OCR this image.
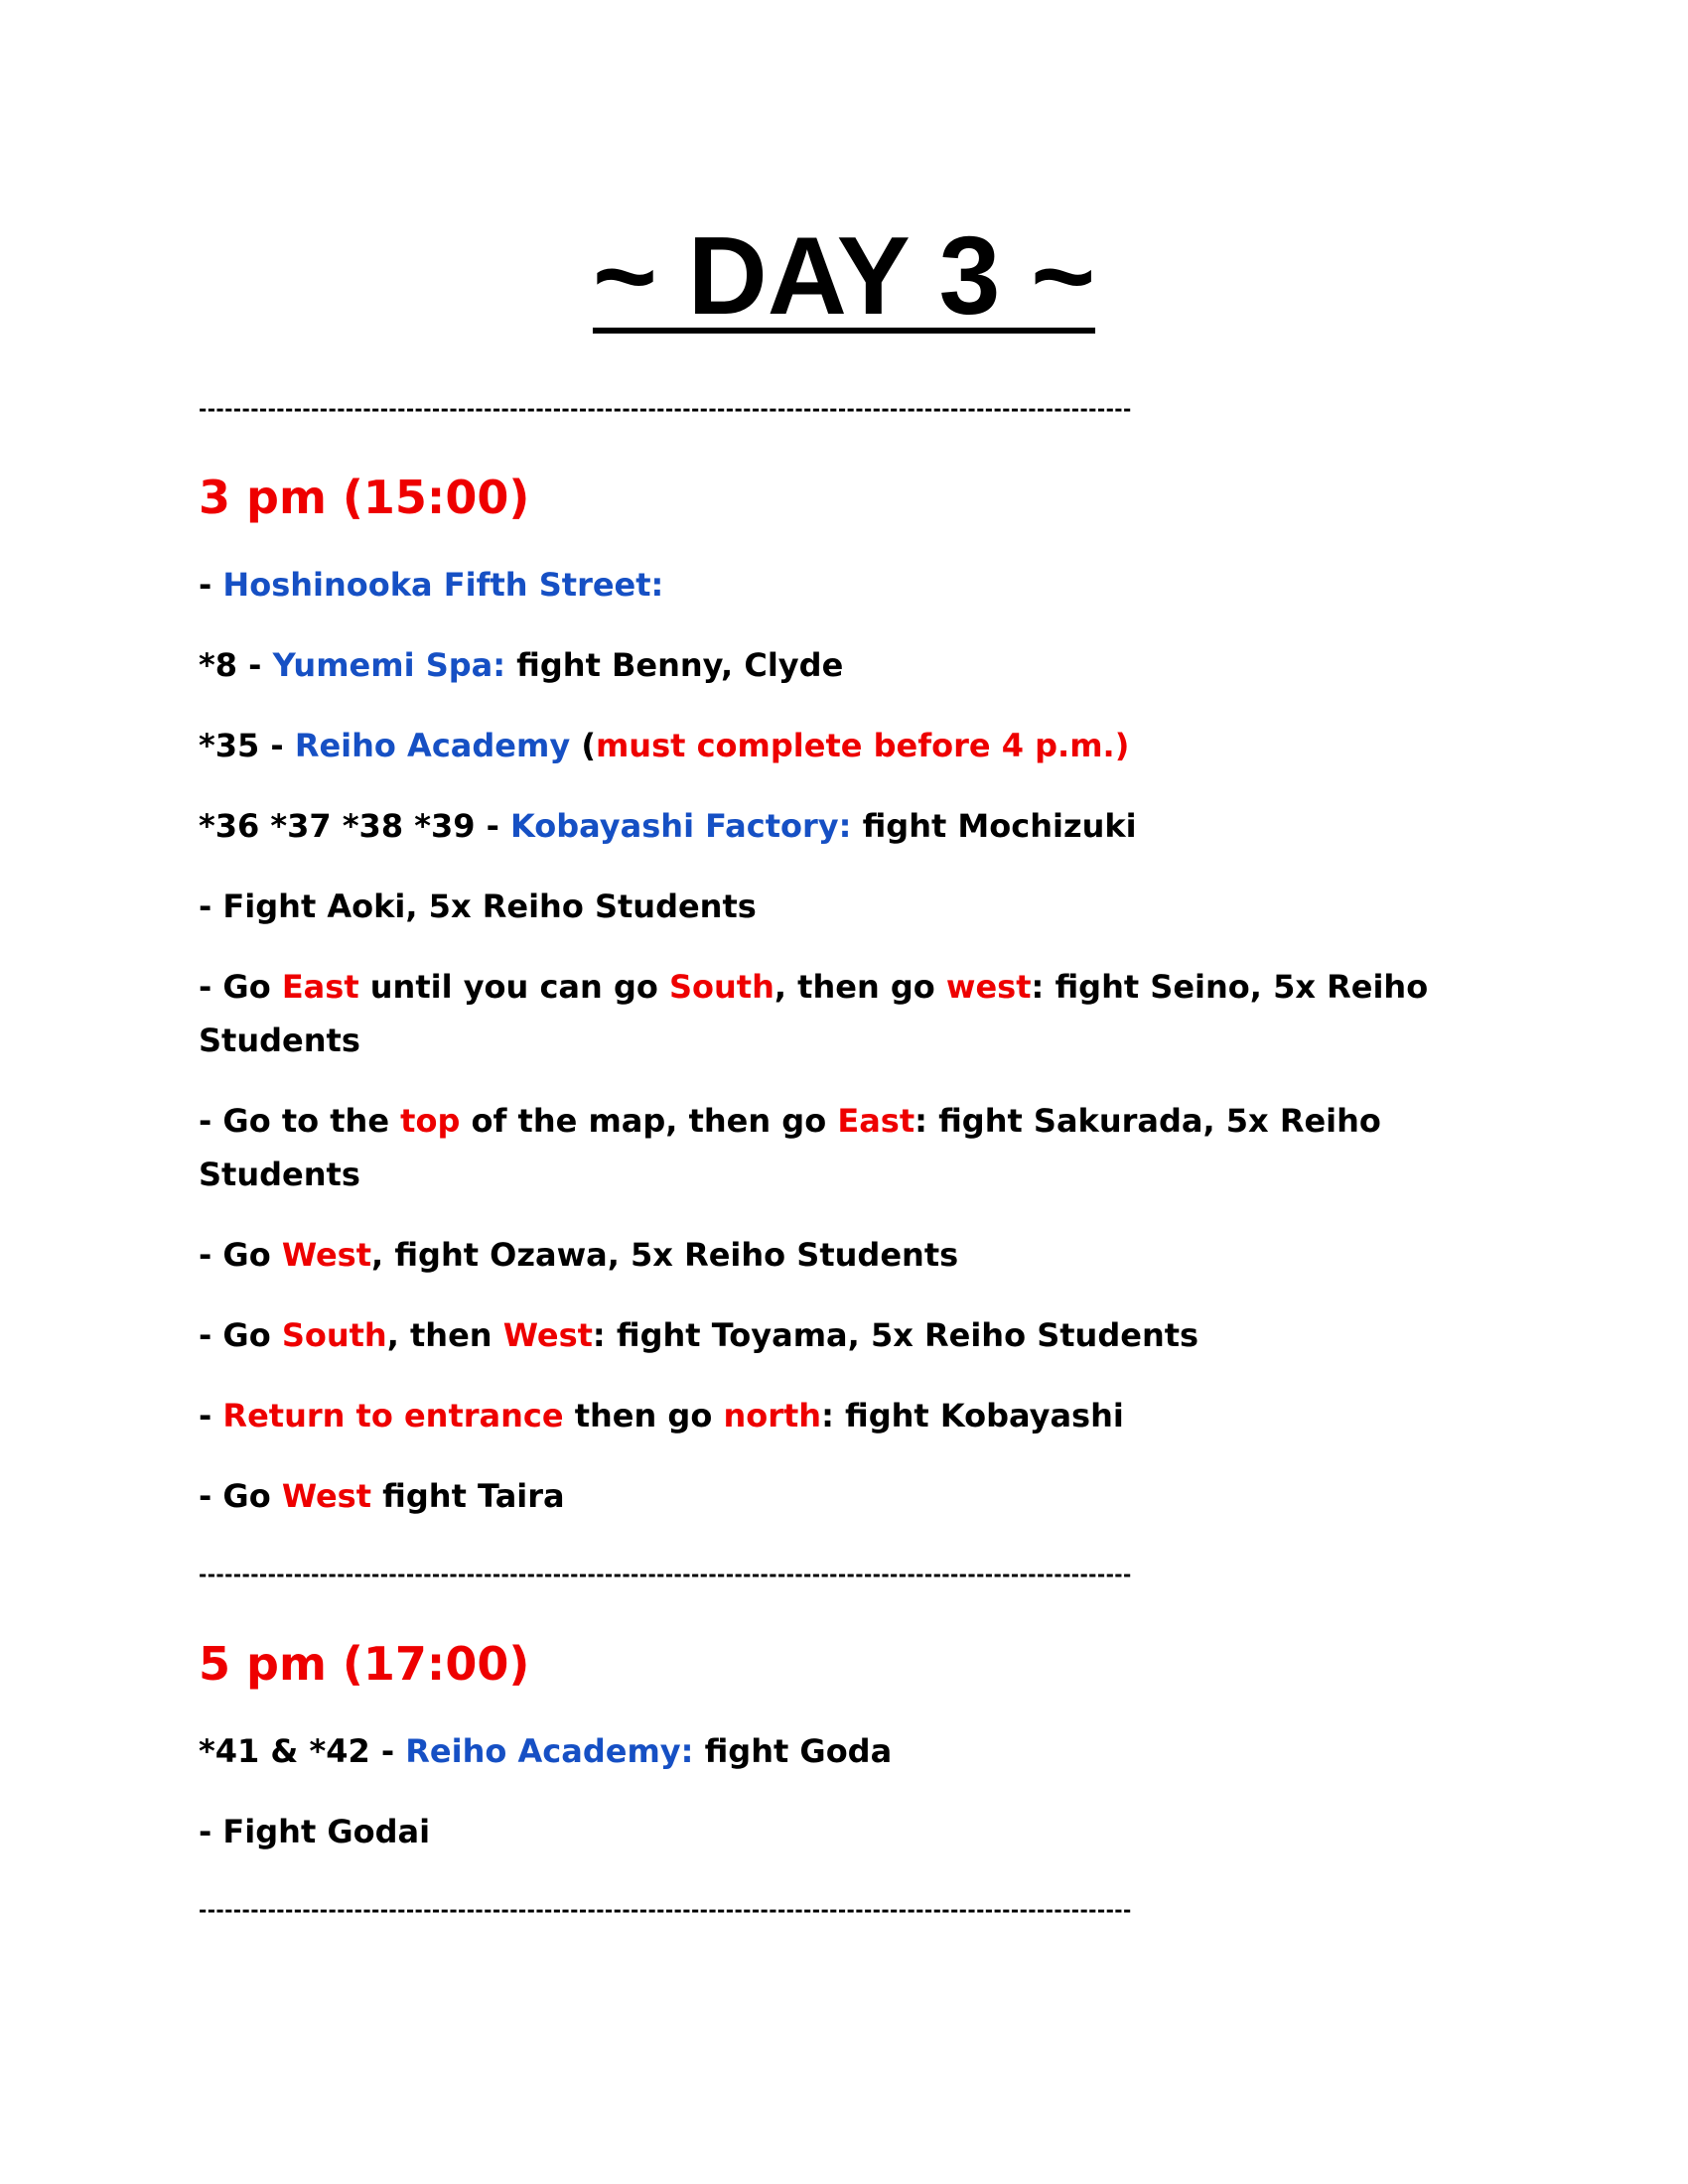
~ DAY 3 ~
------------------------------------------------------------------------------------------------------------
3 pm (15:00)

- Hoshinooka Fifth Street:

*8 - Yumemi Spa: fight Benny, Clyde

*35 - Reiho Academy (must complete before 4 p.m.)

*36 *37 *38 *39 - Kobayashi Factory: fight Mochizuki

- Fight Aoki, 5x Reiho Students

- Go East until you can go South, then go west: fight Seino, 5x Reiho Students

- Go to the top of the map, then go East: fight Sakurada, 5x Reiho Students

- Go West, fight Ozawa, 5x Reiho Students

- Go South, then West: fight Toyama, 5x Reiho Students

- Return to entrance then go north: fight Kobayashi

- Go West fight Taira

------------------------------------------------------------------------------------------------------------
5 pm (17:00)

*41 & *42 - Reiho Academy: fight Goda

- Fight Godai

------------------------------------------------------------------------------------------------------------
